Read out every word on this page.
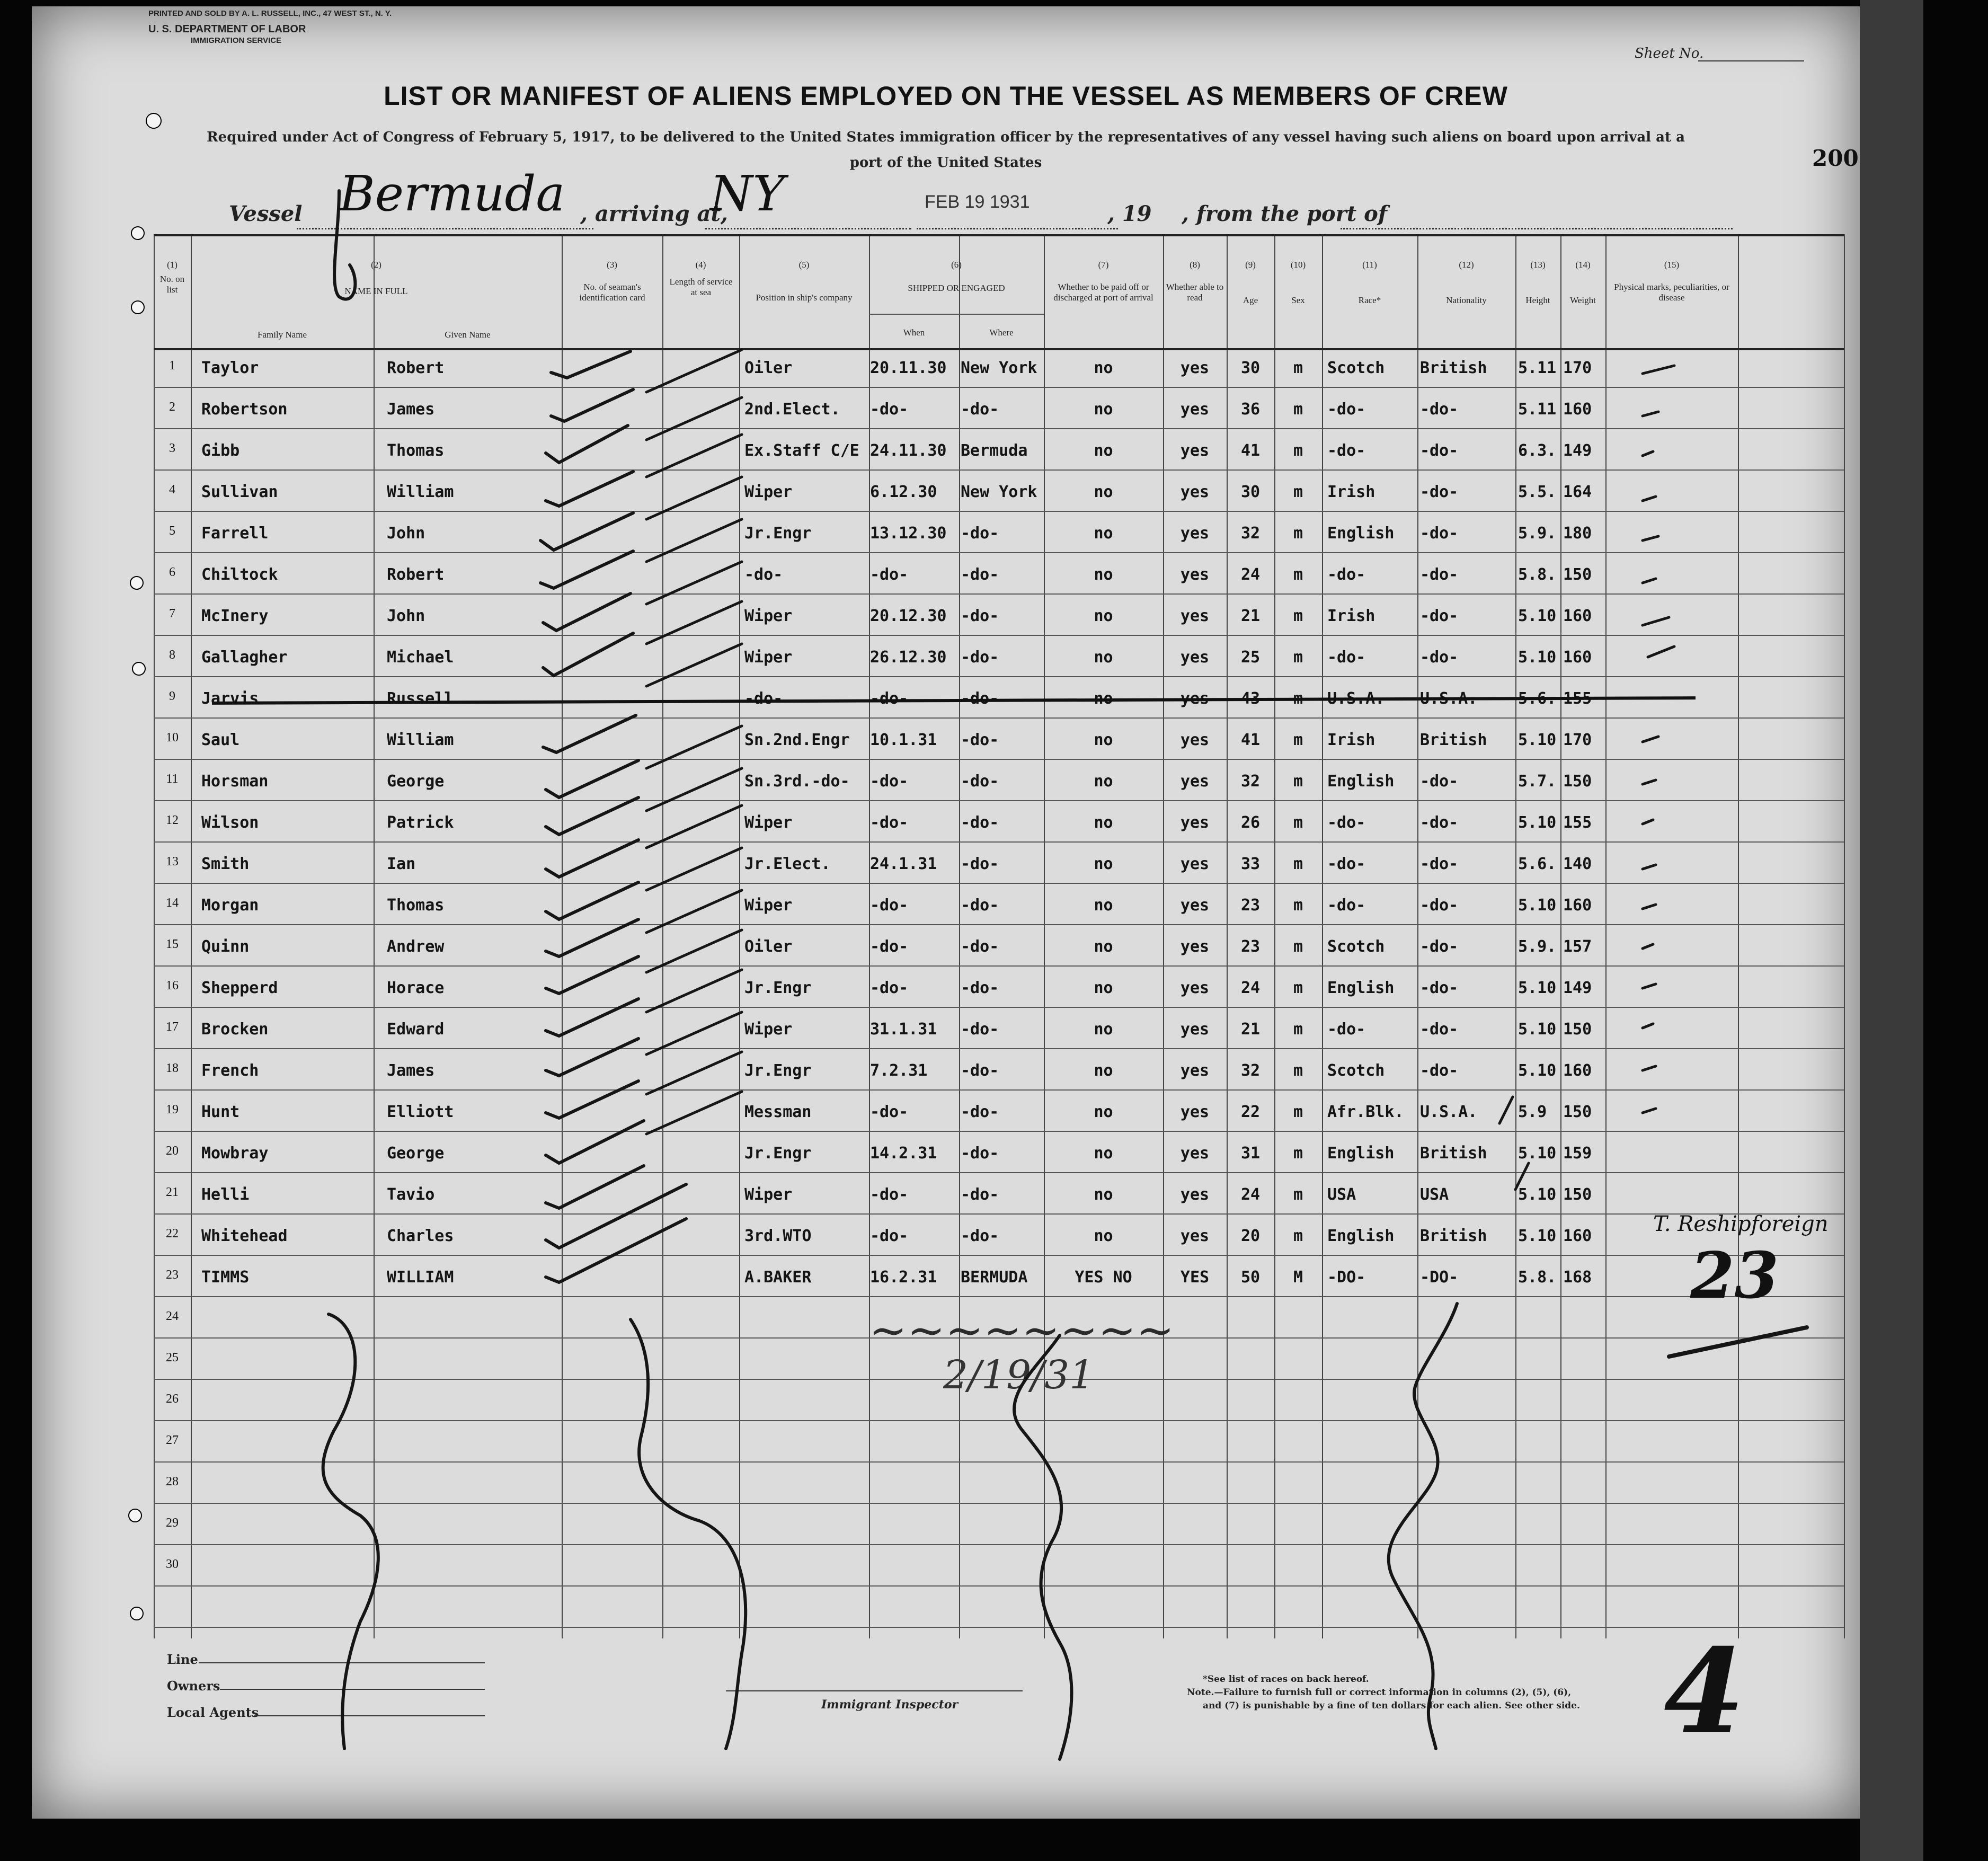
PRINTED AND SOLD BY A. L. RUSSELL, INC., 47 WEST ST., N. Y.
U. S. DEPARTMENT OF LABOR
IMMIGRATION SERVICE
Sheet No.
LIST OR MANIFEST OF ALIENS EMPLOYED ON THE VESSEL AS MEMBERS OF CREW
Required under Act of Congress of February 5, 1917, to be delivered to the United States immigration officer by the representatives of any vessel having such aliens on board upon arrival at a
port of the United States	200
Vessel Bermuda , arriving at,
NY	FEB 19 1931	, 19 , from the port of
(1)
No. on list
(2)
NAME IN FULL
Family Name	Given Name
(3)
No. of seaman's identification card
(4)
Length of service at sea
(5)
Position in ship's company
(6)
SHIPPED OR ENGAGED
When	Where
(7)
Whether to be paid off or discharged at port of arrival
(8)
Whether able to read
(9)
Age
(10)
Sex
(11)
Race*
(12)
Nationality
(13)
Height
(14)
Weight
(15)
Physical marks, peculiarities, or disease
1	Taylor	Robert	Oiler	20.11.30 New York	no	yes	30	m	Scotch	British	5.11 170
2	Robertson	James	2nd.Elect.	-do-	-do-	no	yes	36	m	-do-	-do-	5.11 160
3	Gibb	Thomas	Ex.Staff C/E 24.11.30 Bermuda	no	yes	41	m	-do-	-do-	6.3. 149
4	Sullivan	William	Wiper	6.12.30	New York	no	yes	30	m	Irish	-do-	5.5. 164
5	Farrell	John	Jr.Engr	13.12.30 -do-	no	yes	32	m	English	-do-	5.9. 180
6	Chiltock	Robert	-do-	-do-	-do-	no	yes	24	m	-do-	-do-	5.8. 150
7	McInery	John	Wiper	20.12.30 -do-	no	yes	21	m	Irish	-do-	5.10 160
8	Gallagher	Michael	Wiper	26.12.30 -do-	no	yes	25	m	-do-	-do-	5.10 160
9	Jarvis	Russell	-do-	-do-	-do-	no	yes	43	m	U.S.A.	U.S.A.	5.6. 155
10	Saul	William	Sn.2nd.Engr	10.1.31	-do-	no	yes	41	m	Irish	British	5.10 170
11	Horsman	George	Sn.3rd.-do-	-do-	-do-	no	yes	32	m	English	-do-	5.7. 150
12	Wilson	Patrick	Wiper	-do-	-do-	no	yes	26	m	-do-	-do-	5.10 155
13	Smith	Ian	Jr.Elect.	24.1.31	-do-	no	yes	33	m	-do-	-do-	5.6. 140
14	Morgan	Thomas	Wiper	-do-	-do-	no	yes	23	m	-do-	-do-	5.10 160
15	Quinn	Andrew	Oiler	-do-	-do-	no	yes	23	m	Scotch	-do-	5.9. 157
16	Shepperd	Horace	Jr.Engr	-do-	-do-	no	yes	24	m	English	-do-	5.10 149
17	Brocken	Edward	Wiper	31.1.31	-do-	no	yes	21	m	-do-	-do-	5.10 150
18	French	James	Jr.Engr	7.2.31	-do-	no	yes	32	m	Scotch	-do-	5.10 160
19	Hunt	Elliott	Messman	-do-	-do-	no	yes	22	m	Afr.Blk.	U.S.A.	5.9	150
20	Mowbray	George	Jr.Engr	14.2.31	-do-	no	yes	31	m	English	British	5.10 159
21	Helli	Tavio	Wiper	-do-	-do-	no	yes	24	m	USA	USA	5.10 150
22	Whitehead	Charles	3rd.WTO	-do-	-do-	no	yes	20	m	English	British	5.10 160
23	TIMMS	WILLIAM	A.BAKER	16.2.31	BERMUDA	YES NO	YES	50	M	-DO-	-DO-	5.8. 168
24
25
26
27
28
29
30
Line
Owners
Local Agents	Immigrant Inspector
*See list of races on back hereof.
Note.—Failure to furnish full or correct information in columns (2), (5), (6),
and (7) is punishable by a fine of ten dollars for each alien. See other side.
T. Reshipforeign
23
2/19/31
4
~~~~~~~~
